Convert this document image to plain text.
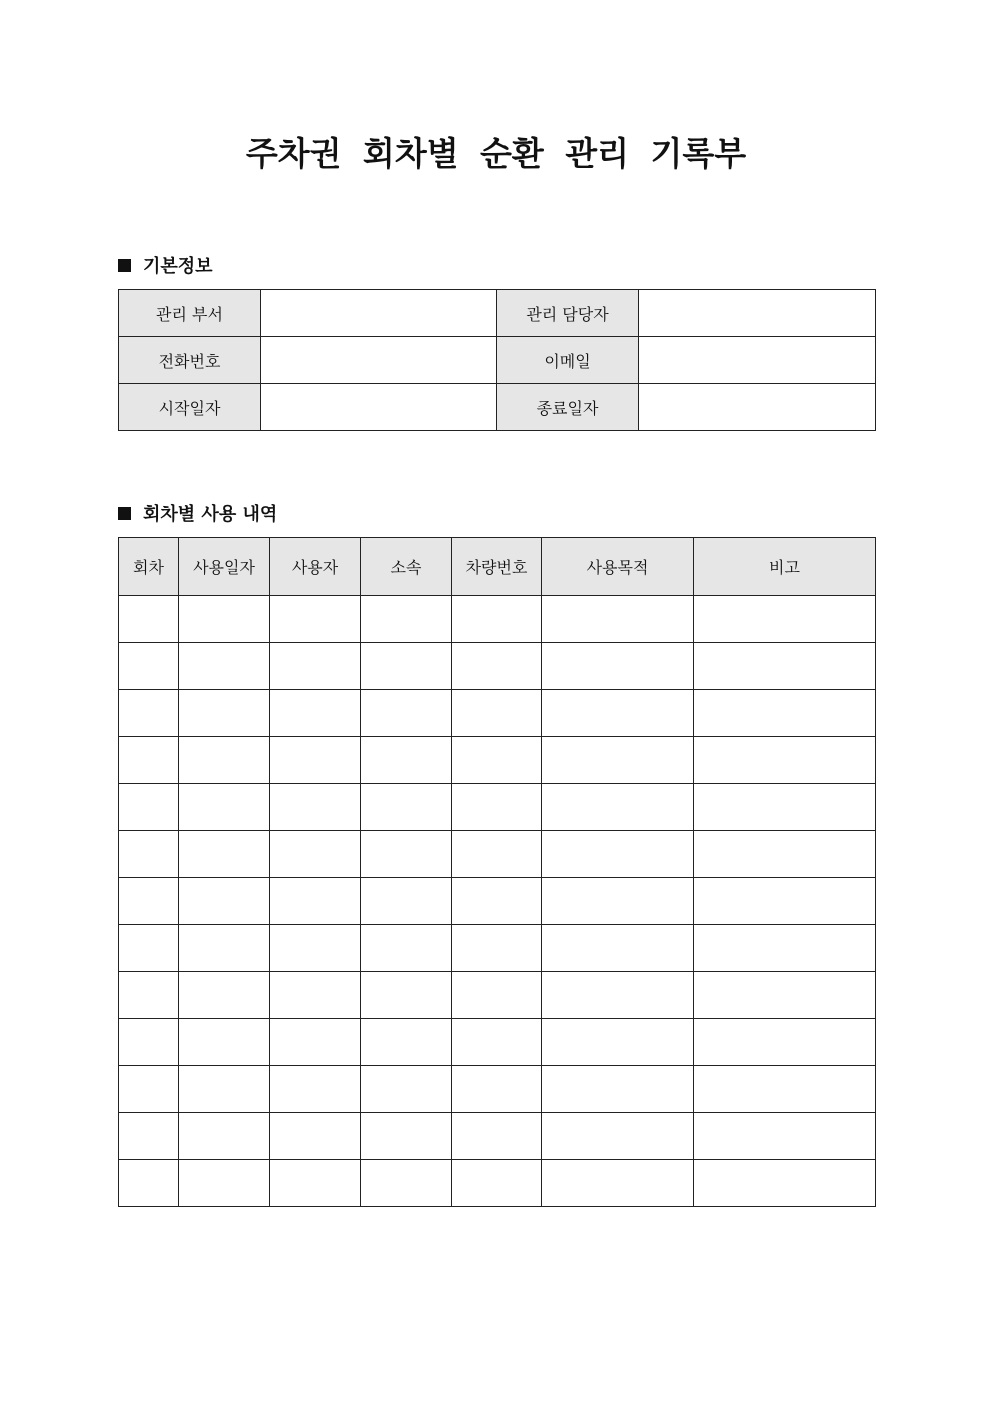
주차권 회차별 순환 관리 기록부
기본정보
관리 부서		관리 담당자	
전화번호		이메일	
시작일자		종료일자	
회차별 사용 내역
회차	사용일자	사용자	소속	차량번호	사용목적	비고
